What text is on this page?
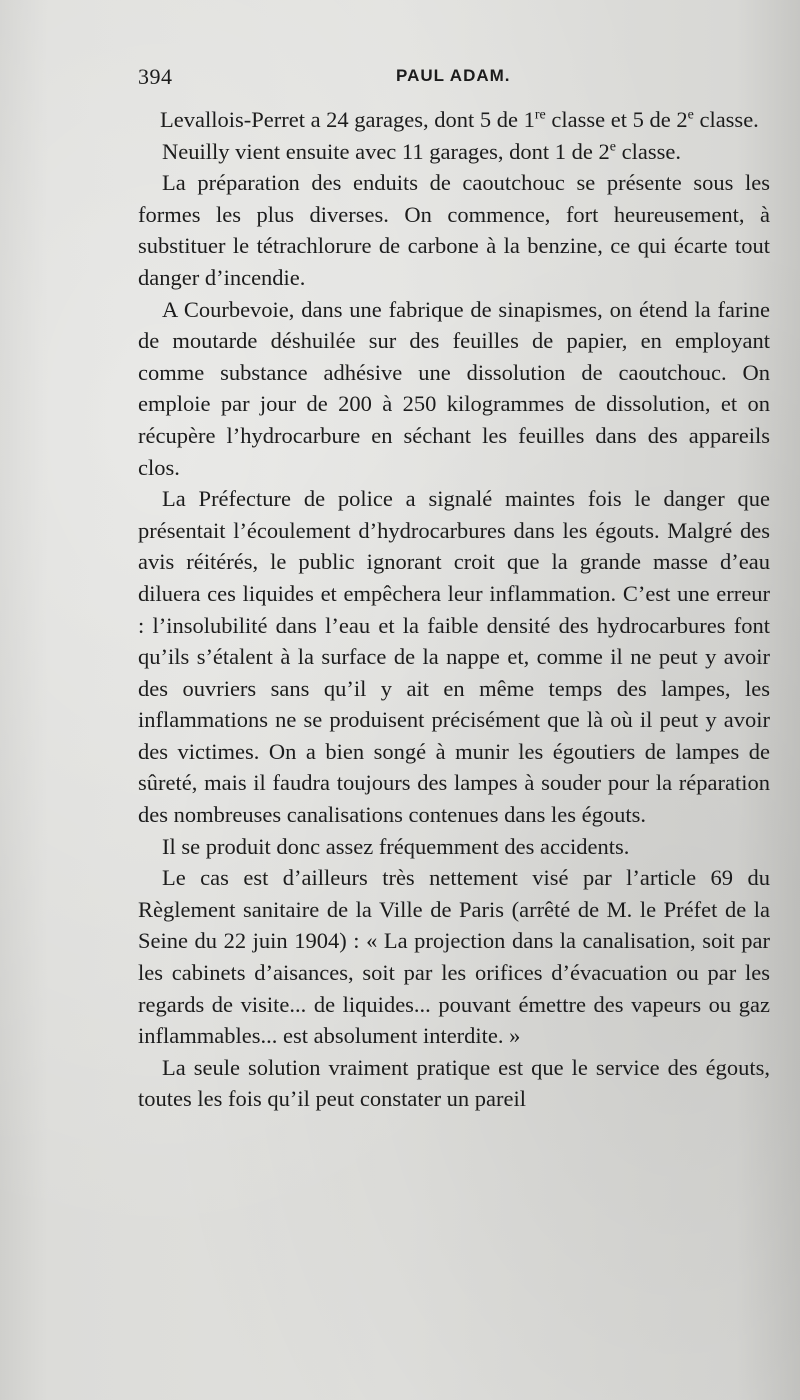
394	PAUL ADAM.

Levallois-Perret a 24 garages, dont 5 de 1re classe et 5 de 2e classe.

Neuilly vient ensuite avec 11 garages, dont 1 de 2e classe.

La préparation des enduits de caoutchouc se présente sous les formes les plus diverses. On commence, fort heureusement, à substituer le tétrachlorure de carbone à la benzine, ce qui écarte tout danger d’incendie.

A Courbevoie, dans une fabrique de sinapismes, on étend la farine de moutarde déshuilée sur des feuilles de papier, en employant comme substance adhésive une dissolution de caoutchouc. On emploie par jour de 200 à 250 kilogrammes de dissolution, et on récupère l’hydrocarbure en séchant les feuilles dans des appareils clos.

La Préfecture de police a signalé maintes fois le danger que présentait l’écoulement d’hydrocarbures dans les égouts. Malgré des avis réitérés, le public ignorant croit que la grande masse d’eau diluera ces liquides et empêchera leur inflammation. C’est une erreur : l’insolubilité dans l’eau et la faible densité des hydrocarbures font qu’ils s’étalent à la surface de la nappe et, comme il ne peut y avoir des ouvriers sans qu’il y ait en même temps des lampes, les inflammations ne se produisent précisément que là où il peut y avoir des victimes. On a bien songé à munir les égoutiers de lampes de sûreté, mais il faudra toujours des lampes à souder pour la réparation des nombreuses canalisations contenues dans les égouts.

Il se produit donc assez fréquemment des accidents.

Le cas est d’ailleurs très nettement visé par l’article 69 du Règlement sanitaire de la Ville de Paris (arrêté de M. le Préfet de la Seine du 22 juin 1904) : « La projection dans la canalisation, soit par les cabinets d’aisances, soit par les orifices d’évacuation ou par les regards de visite... de liquides... pouvant émettre des vapeurs ou gaz inflammables... est absolument interdite. »

La seule solution vraiment pratique est que le service des égouts, toutes les fois qu’il peut constater un pareil
